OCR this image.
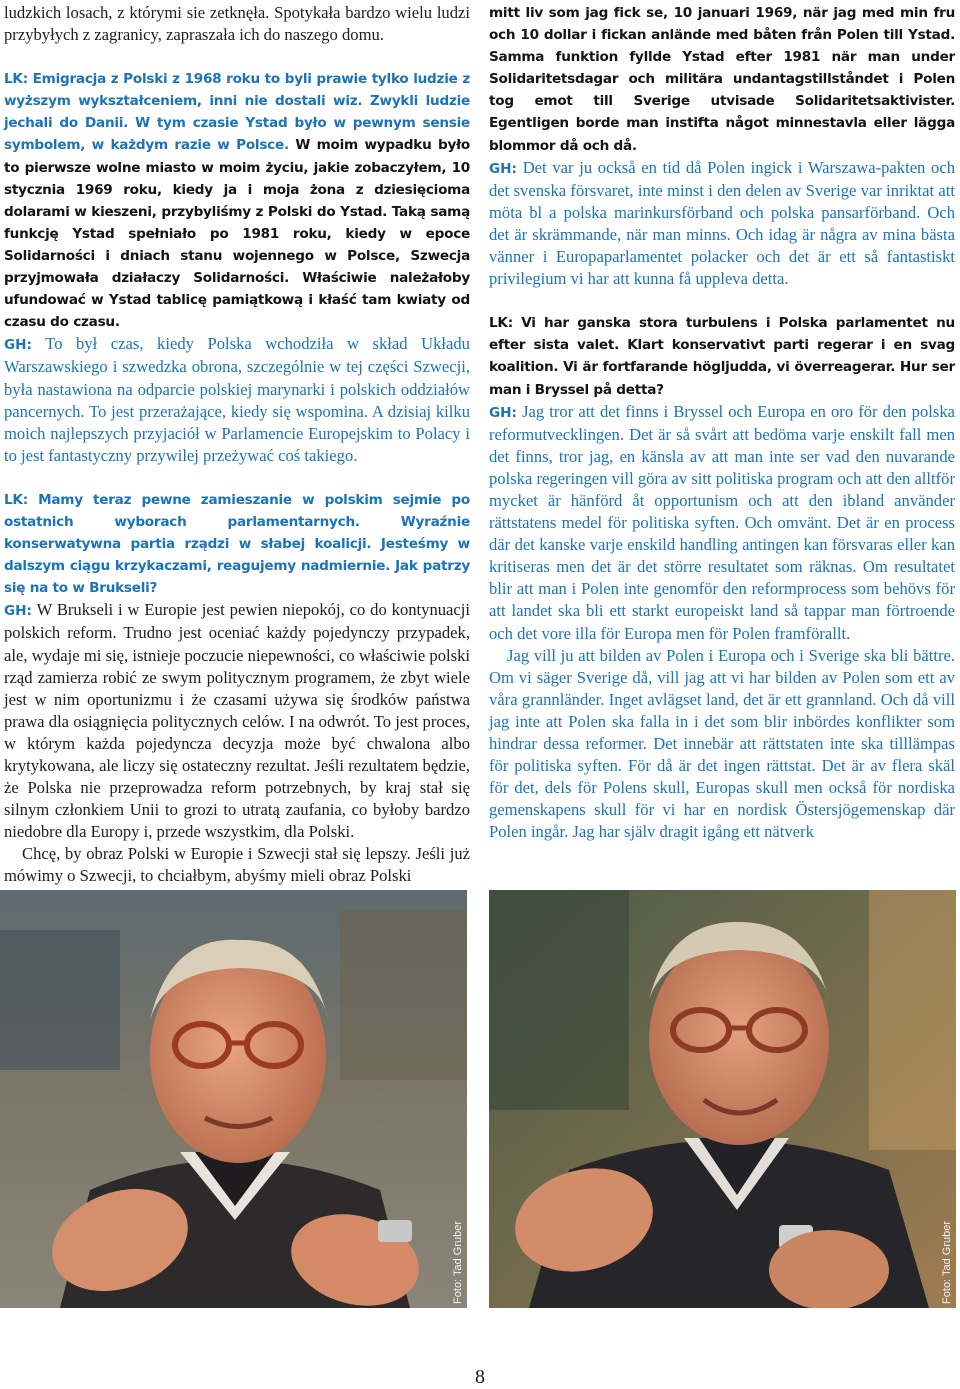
ludzkich losach, z którymi sie zetknęła. Spotykała bardzo wielu ludzi przybyłych z zagranicy, zapraszała ich do naszego domu.

LK: Emigracja z Polski z 1968 roku to byli prawie tylko ludzie z wyższym wykształceniem, inni nie dostali wiz. Zwykli ludzie jechali do Danii. W tym czasie Ystad było w pewnym sensie symbolem, w każdym razie w Polsce. W moim wypadku było to pierwsze wolne miasto w moim życiu, jakie zobaczyłem, 10 stycznia 1969 roku, kiedy ja i moja żona z dziesięcioma dolarami w kieszeni, przybyliśmy z Polski do Ystad. Taką samą funkcję Ystad spełniało po 1981 roku, kiedy w epoce Solidarności i dniach stanu wojennego w Polsce, Szwecja przyjmowała działaczy Solidarności. Właściwie należałoby ufundować w Ystad tablicę pamiątkową i kłaść tam kwiaty od czasu do czasu.

GH: To był czas, kiedy Polska wchodziła w skład Układu Warszawskiego i szwedzka obrona, szczególnie w tej części Szwecji, była nastawiona na odparcie polskiej marynarki i polskich oddziałów pancernych. To jest przerażające, kiedy się wspomina. A dzisiaj kilku moich najlepszych przyjaciół w Parlamencie Europejskim to Polacy i to jest fantastyczny przywilej przeżywać coś takiego.

LK: Mamy teraz pewne zamieszanie w polskim sejmie po ostatnich wyborach parlamentarnych. Wyraźnie konserwatywna partia rządzi w słabej koalicji. Jesteśmy w dalszym ciągu krzykaczami, reagujemy nadmiernie. Jak patrzy się na to w Brukseli?

GH: W Brukseli i w Europie jest pewien niepokój, co do kontynuacji polskich reform. Trudno jest oceniać każdy pojedynczy przypadek, ale, wydaje mi się, istnieje poczucie niepewności, co właściwie polski rząd zamierza robić ze swym politycznym programem, że zbyt wiele jest w nim oportunizmu i że czasami używa się środków państwa prawa dla osiągnięcia politycznych celów. I na odwrót. To jest proces, w którym każda pojedyncza decyzja może być chwalona albo krytykowana, ale liczy się ostateczny rezultat. Jeśli rezultatem będzie, że Polska nie przeprowadza reform potrzebnych, by kraj stał się silnym członkiem Unii to grozi to utratą zaufania, co byłoby bardzo niedobre dla Europy i, przede wszystkim, dla Polski.

Chcę, by obraz Polski w Europie i Szwecji stał się lepszy. Jeśli już mówimy o Szwecji, to chciałbym, abyśmy mieli obraz Polski

mitt liv som jag fick se, 10 januari 1969, när jag med min fru och 10 dollar i fickan anlände med båten från Polen till Ystad. Samma funktion fyllde Ystad efter 1981 när man under Solidaritetsdagar och militära undantagstillståndet i Polen tog emot till Sverige utvisade Solidaritetsaktivister. Egentligen borde man instifta något minnestavla eller lägga blommor då och då.

GH: Det var ju också en tid då Polen ingick i Warszawa-pakten och det svenska försvaret, inte minst i den delen av Sverige var inriktat att möta bl a polska marinkursförband och polska pansarförband. Och det är skrämmande, när man minns. Och idag är några av mina bästa vänner i Europaparlamentet polacker och det är ett så fantastiskt privilegium vi har att kunna få uppleva detta.

LK: Vi har ganska stora turbulens i Polska parlamentet nu efter sista valet. Klart konservativt parti regerar i en svag koalition. Vi är fortfarande högljudda, vi överreagerar. Hur ser man i Bryssel på detta?

GH: Jag tror att det finns i Bryssel och Europa en oro för den polska reformutvecklingen. Det är så svårt att bedöma varje enskilt fall men det finns, tror jag, en känsla av att man inte ser vad den nuvarande polska regeringen vill göra av sitt politiska program och att den alltför mycket är hänförd åt opportunism och att den ibland använder rättstatens medel för politiska syften. Och omvänt. Det är en process där det kanske varje enskild handling antingen kan försvaras eller kan kritiseras men det är det större resultatet som räknas. Om resultatet blir att man i Polen inte genomför den reformprocess som behövs för att landet ska bli ett starkt europeiskt land så tappar man förtroende och det vore illa för Europa men för Polen framförallt.

Jag vill ju att bilden av Polen i Europa och i Sverige ska bli bättre. Om vi säger Sverige då, vill jag att vi har bilden av Polen som ett av våra grannländer. Inget avlägset land, det är ett grannland. Och då vill jag inte att Polen ska falla in i det som blir inbördes konflikter som hindrar dessa reformer. Det innebär att rättstaten inte ska tilllämpas för politiska syften. För då är det ingen rättstat. Det är av flera skäl för det, dels för Polens skull, Europas skull men också för nordiska gemenskapens skull för vi har en nordisk Östersjögemenskap där Polen ingår. Jag har själv dragit igång ett nätverk

Foto: Tad Gruber	Foto: Tad Gruber
8
